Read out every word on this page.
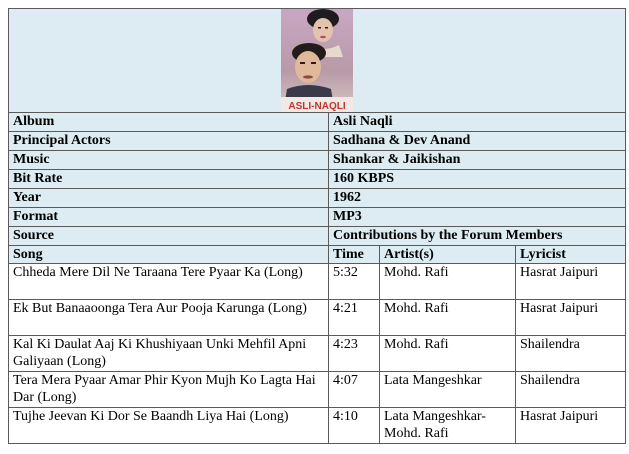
ASLI-NAQLI			

Album	Asli Naqli		
Principal Actors	Sadhana & Dev Anand		
Music	Shankar & Jaikishan		
Bit Rate	160 KBPS		
Year	1962		
Format	MP3		
Source	Contributions by the Forum Members		
Song	Time	Artist(s)	Lyricist
Chheda Mere Dil Ne Taraana Tere Pyaar Ka (Long)	5:32	Mohd. Rafi	Hasrat Jaipuri
Ek But Banaaoonga Tera Aur Pooja Karunga (Long)	4:21	Mohd. Rafi	Hasrat Jaipuri
Kal Ki Daulat Aaj Ki Khushiyaan Unki Mehfil Apni Galiyaan (Long)	4:23	Mohd. Rafi	Shailendra
Tera Mera Pyaar Amar Phir Kyon Mujh Ko Lagta Hai Dar (Long)	4:07	Lata Mangeshkar	Shailendra
Tujhe Jeevan Ki Dor Se Baandh Liya Hai (Long)	4:10	Lata Mangeshkar-Mohd. Rafi	Hasrat Jaipuri
